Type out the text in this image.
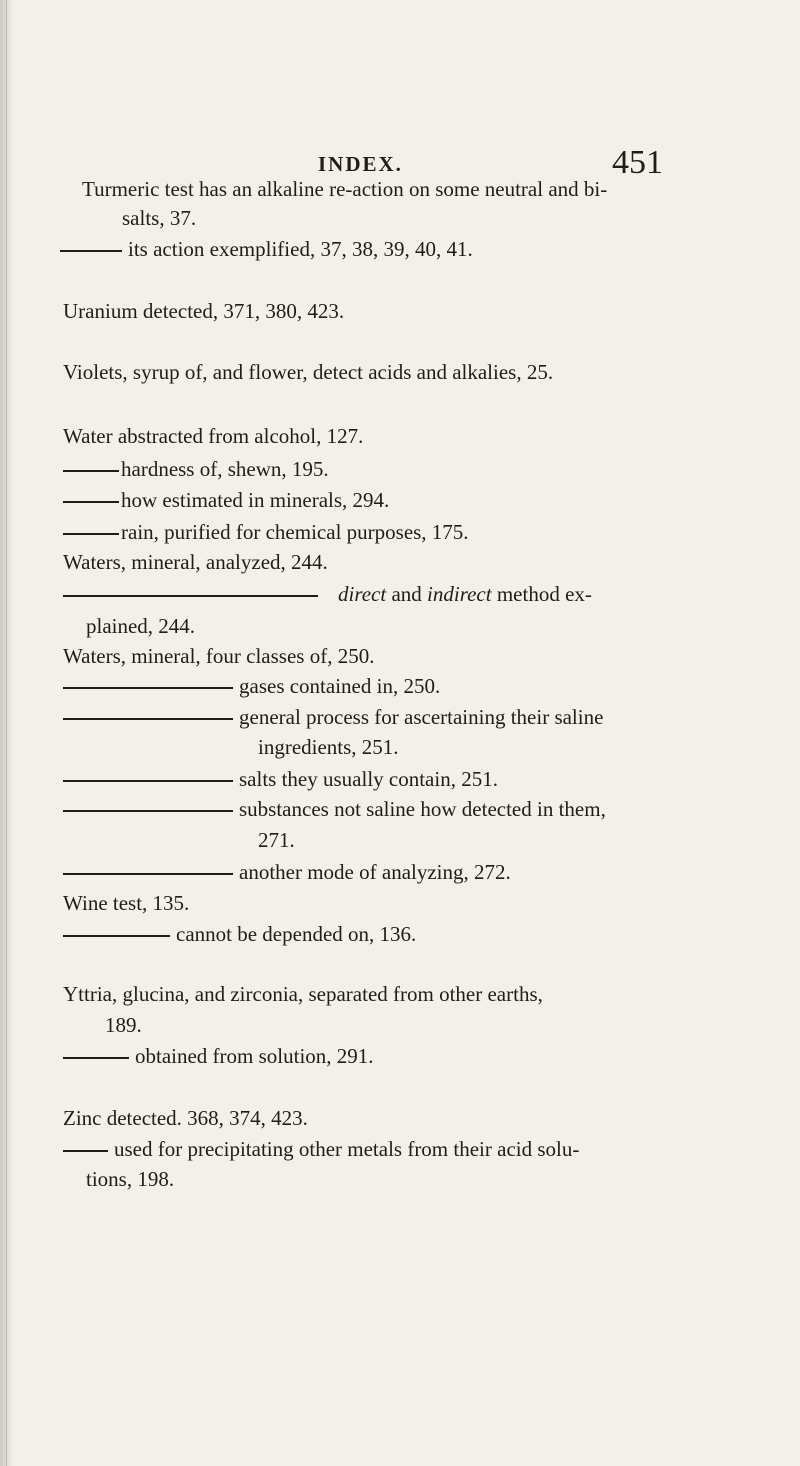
INDEX.	451
Turmeric test has an alkaline re-action on some neutral and bi-
salts, 37.
its action exemplified, 37, 38, 39, 40, 41.
Uranium detected, 371, 380, 423.
Violets, syrup of, and flower, detect acids and alkalies, 25.
Water abstracted from alcohol, 127.
hardness of, shewn, 195.
how estimated in minerals, 294.
rain, purified for chemical purposes, 175.
Waters, mineral, analyzed, 244.
direct and indirect method ex-
plained, 244.
Waters, mineral, four classes of, 250.
gases contained in, 250.
general process for ascertaining their saline
ingredients, 251.
salts they usually contain, 251.
substances not saline how detected in them,
271.
another mode of analyzing, 272.
Wine test, 135.
cannot be depended on, 136.
Yttria, glucina, and zirconia, separated from other earths,
189.
obtained from solution, 291.
Zinc detected. 368, 374, 423.
used for precipitating other metals from their acid solu-
tions, 198.
